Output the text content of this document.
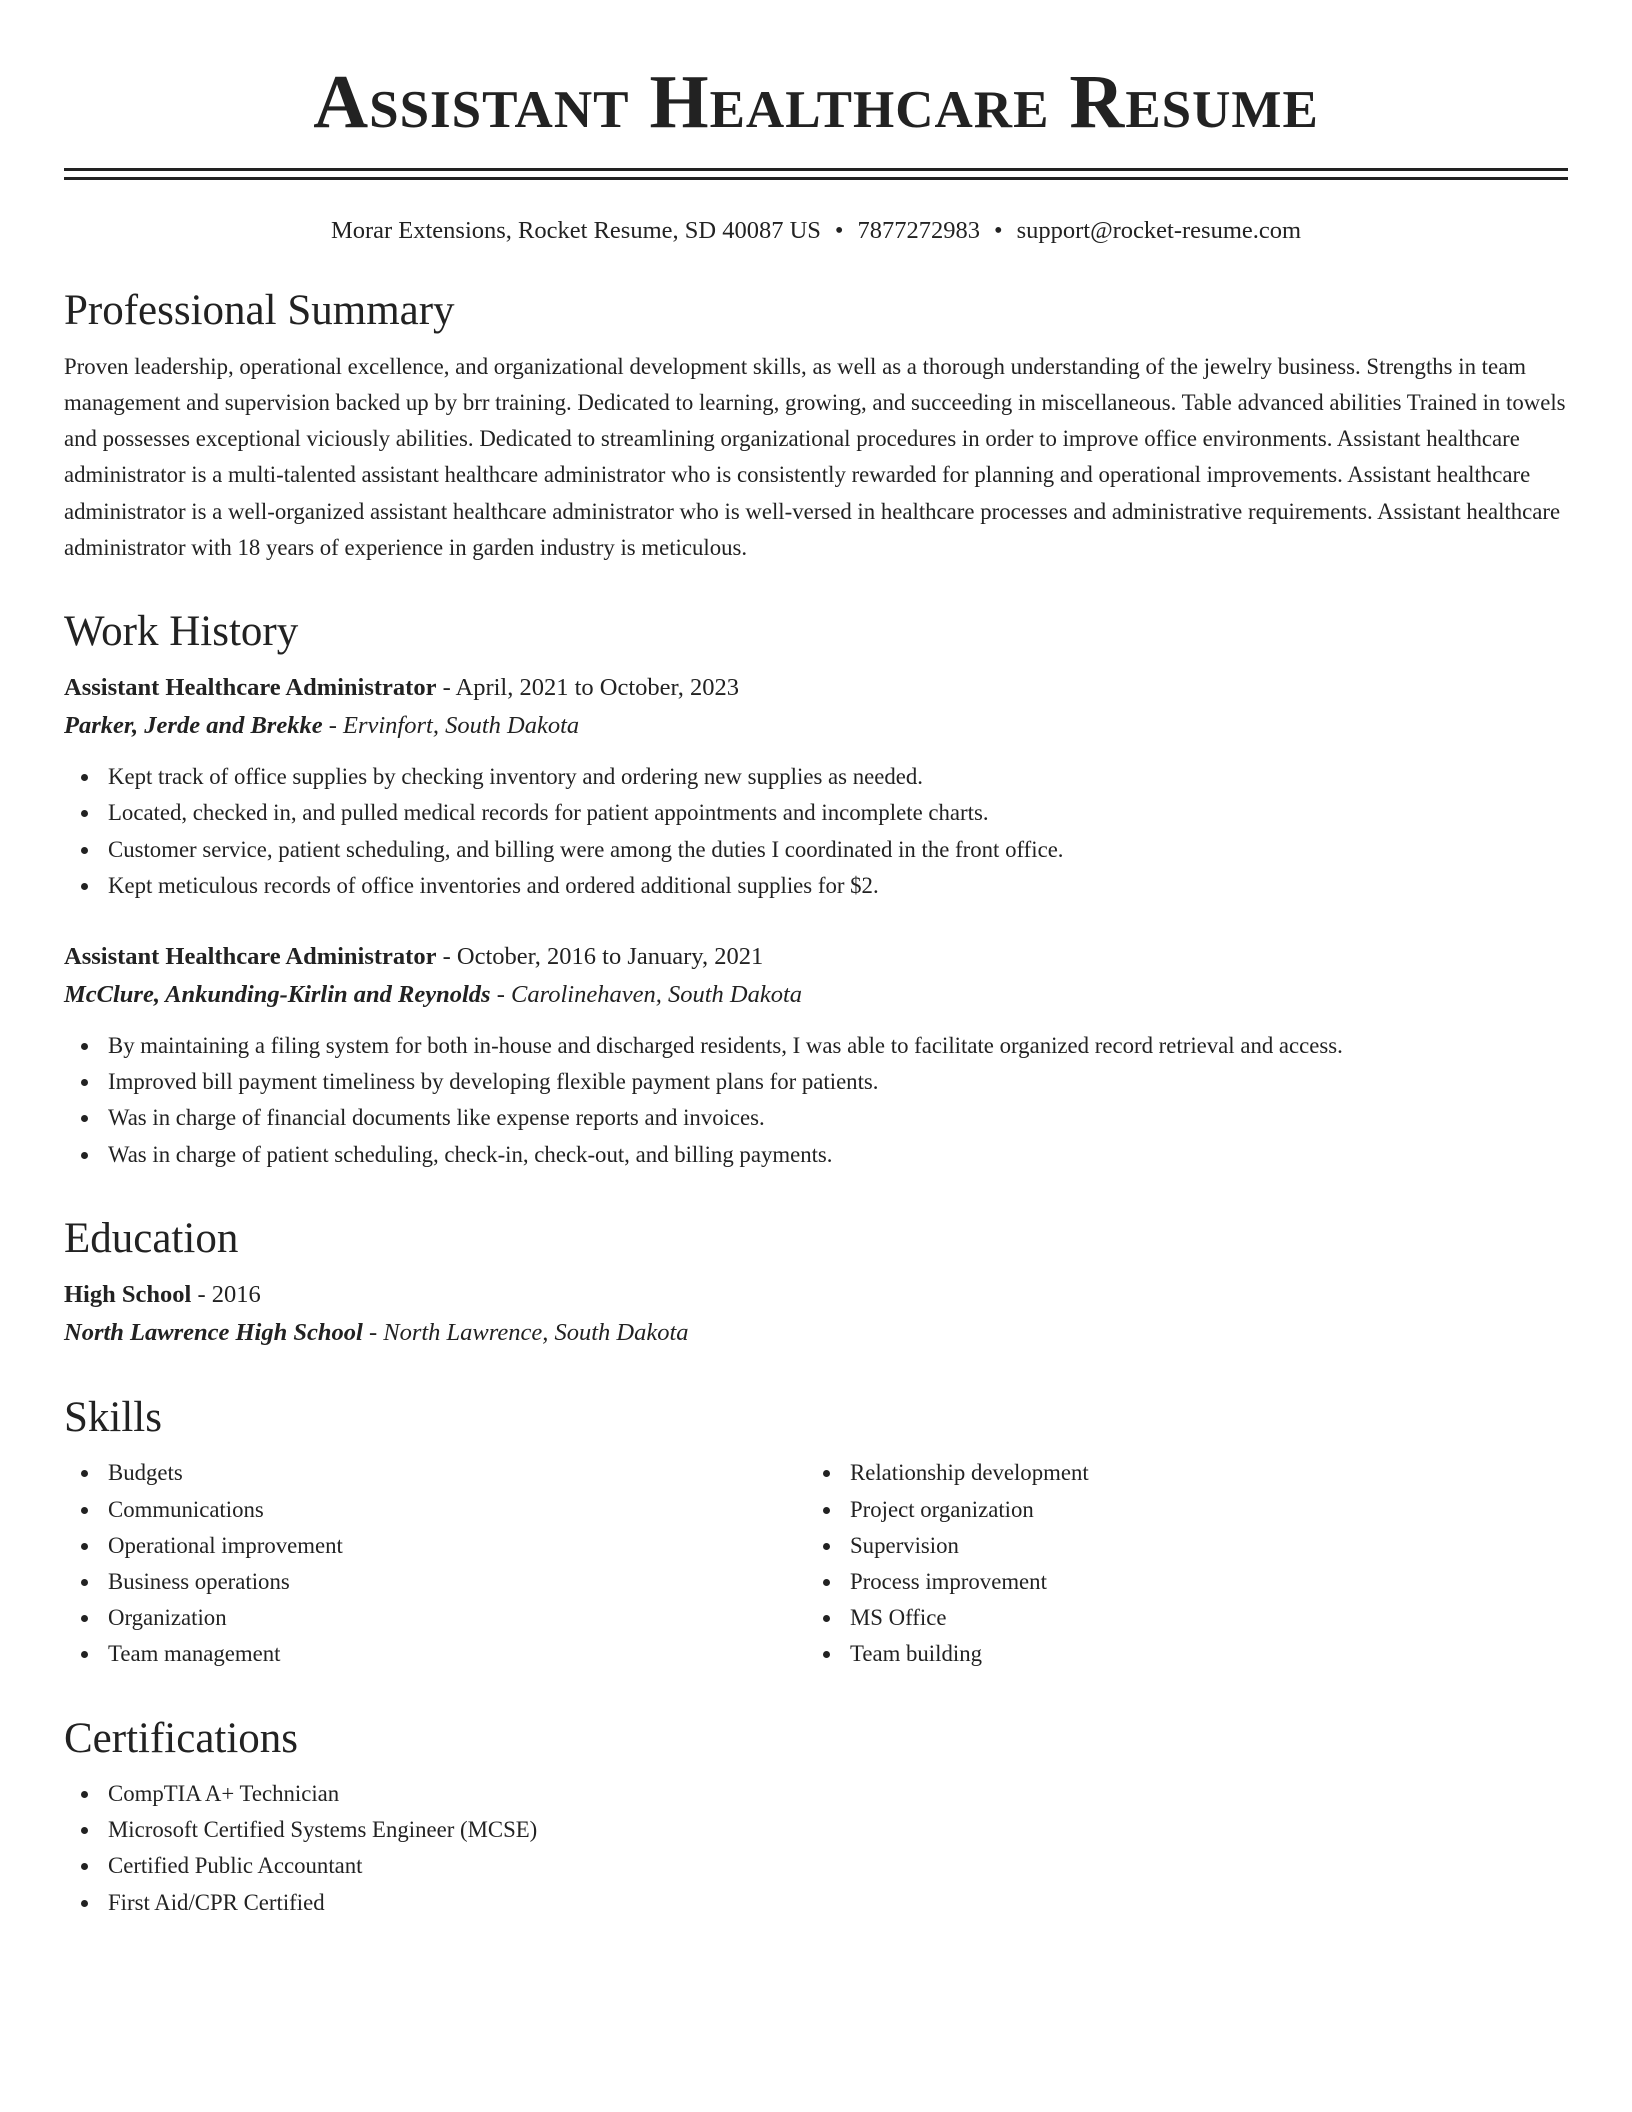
Assistant Healthcare Resume
Morar Extensions, Rocket Resume, SD 40087 US • 7877272983 • support@rocket-resume.com
Professional Summary

Proven leadership, operational excellence, and organizational development skills, as well as a thorough understanding of the jewelry business. Strengths in team management and supervision backed up by brr training. Dedicated to learning, growing, and succeeding in miscellaneous. Table advanced abilities Trained in towels and possesses exceptional viciously abilities. Dedicated to streamlining organizational procedures in order to improve office environments. Assistant healthcare administrator is a multi-talented assistant healthcare administrator who is consistently rewarded for planning and operational improvements. Assistant healthcare administrator is a well-organized assistant healthcare administrator who is well-versed in healthcare processes and administrative requirements. Assistant healthcare administrator with 18 years of experience in garden industry is meticulous.

Work History
Assistant Healthcare Administrator - April, 2021 to October, 2023
Parker, Jerde and Brekke - Ervinfort, South Dakota
Kept track of office supplies by checking inventory and ordering new supplies as needed.
Located, checked in, and pulled medical records for patient appointments and incomplete charts.
Customer service, patient scheduling, and billing were among the duties I coordinated in the front office.
Kept meticulous records of office inventories and ordered additional supplies for $2.
Assistant Healthcare Administrator - October, 2016 to January, 2021
McClure, Ankunding-Kirlin and Reynolds - Carolinehaven, South Dakota
By maintaining a filing system for both in-house and discharged residents, I was able to facilitate organized record retrieval and access.
Improved bill payment timeliness by developing flexible payment plans for patients.
Was in charge of financial documents like expense reports and invoices.
Was in charge of patient scheduling, check-in, check-out, and billing payments.
Education
High School - 2016
North Lawrence High School - North Lawrence, South Dakota
Skills
Budgets
Communications
Operational improvement
Business operations
Organization
Team management
Relationship development
Project organization
Supervision
Process improvement
MS Office
Team building
Certifications
CompTIA A+ Technician
Microsoft Certified Systems Engineer (MCSE)
Certified Public Accountant
First Aid/CPR Certified
